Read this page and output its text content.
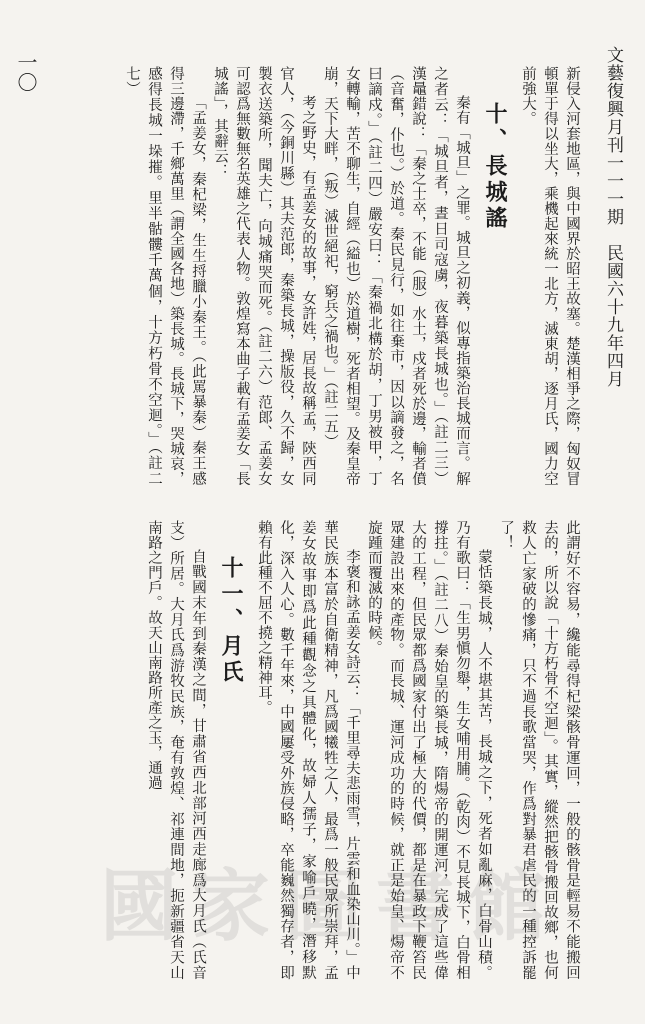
文藝復興月刊一一一期　民國六十九年四月
一〇	新侵入河套地區，與中國界於昭王故塞。楚漢相爭之際，匈奴冒頓單于得以坐大，乘機起來統一北方，滅東胡，逐月氏，國力空前強大。

十、長城謠

秦有「城旦」之罪。城旦之初義，似專指築治長城而言。解之者云：「城旦者，晝日司寇虜，夜暮築長城也。」（註二三）漢鼂錯說：「秦之士卒，不能（服）水土，戍者死於邊，輸者僨（音奮，仆也。）於道。秦民見行，如往棄市，因以謫發之，名曰謫戍。」（註二四）嚴安曰：「秦禍北構於胡，丁男被甲，丁女轉輸，苦不聊生，自經（縊也）於道樹，死者相望。及秦皇帝崩，天下大畔，（叛）滅世絕祀，窮兵之禍也。」（註二五）

考之野史，有孟姜女的故事，女許姓，居長故稱孟，陝西同官人，（今銅川縣）其夫范郎，秦築長城，操版役，久不歸，女製衣送築所，聞夫亡，向城痛哭而死。（註二六）范郎、孟姜女可認爲無數無名英雄之代表人物。敦煌寫本曲子載有孟姜女「長城謠」，其辭云：

「孟姜女，秦杞梁，生生捋臘小秦王。（此罵暴秦）秦王感得三邊滯，千鄉萬里（謂全國各地）築長城。長城下，哭城哀，感得長城一垛摧。里半骷髏千萬個，十方朽骨不空迴。」（註二七）

此謂好不容易，纔能尋得杞梁骸骨運回，一般的骸骨是輕易不能搬回去的，所以說「十方朽骨不空迴」。其實，縱然把骸骨搬回故鄉，也何救人亡家破的慘痛，只不過長歌當哭，作爲對暴君虐民的一種控訴罷了！

蒙恬築長城，人不堪其苦，長城之下，死者如亂麻，白骨山積。乃有歌曰：「生男愼勿舉，生女哺用脯。（乾肉）不見長城下，白骨相撐拄。」（註二八）秦始皇的築長城，隋煬帝的開運河，完成了這些偉大的工程，但民眾都爲國家付出了極大的代價，都是在暴政下鞭笞民眾建設出來的產物。而長城、運河成功的時候，就正是始皇、煬帝不旋踵而覆滅的時候。

李褒和詠孟姜女詩云：「千里尋夫悲雨雪，片雲和血染山川。」中華民族本富於自衛精神，凡爲國犧牲之人，最爲一般民眾所崇拜，孟姜女故事即爲此種觀念之具體化，故婦人孺子，家喻戶曉，潛移默化，深入人心。數千年來，中國屢受外族侵略，卒能巍然獨存者，即賴有此種不屈不撓之精神耳。

十一、月氏

自戰國末年到秦漢之間，甘肅省西北部河西走廊爲大月氏（氏音支）所居。大月氏爲游牧民族，奄有敦煌、祁連間地，扼新疆省天山南路之門戶。故天山南路所產之玉，通過

國家圖書館
